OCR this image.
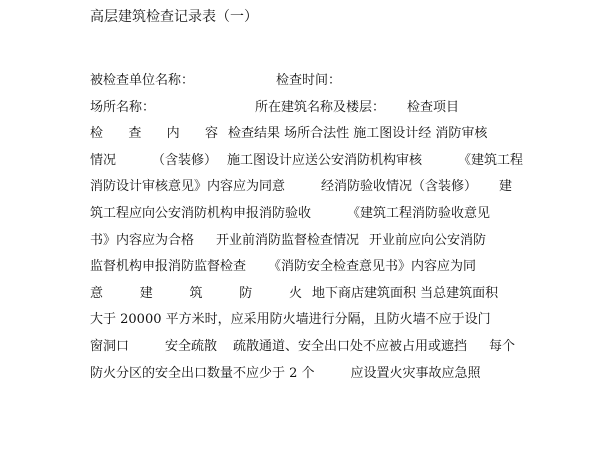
高层建筑检查记录表（一）
被检查单位名称：	检查时间：
场所名称：	所在建筑名称及楼层： 检查项目
检 查 内 容 检查结果 场所合法性 施工图设计经 消防审核
情况	（含装修） 施工图设计应送公安消防机构审核	《建筑工程
消防设计审核意见》内容应为同意	经消防验收情况（含装修） 建
筑工程应向公安消防机构申报消防验收	《建筑工程消防验收意见
书》内容应为合格 开业前消防监督检查情况 开业前应向公安消防
监督机构申报消防监督检查 《消防安全检查意见书》内容应为同
意	建	筑	防	火 地下商店建筑面积 当总建筑面积
大于 20000 平方米时，应采用防火墙进行分隔，且防火墙不应于设门
窗洞口	安全疏散 疏散通道、安全出口处不应被占用或遮挡 每个
防火分区的安全出口数量不应少于 2 个	应设置火灾事故应急照
